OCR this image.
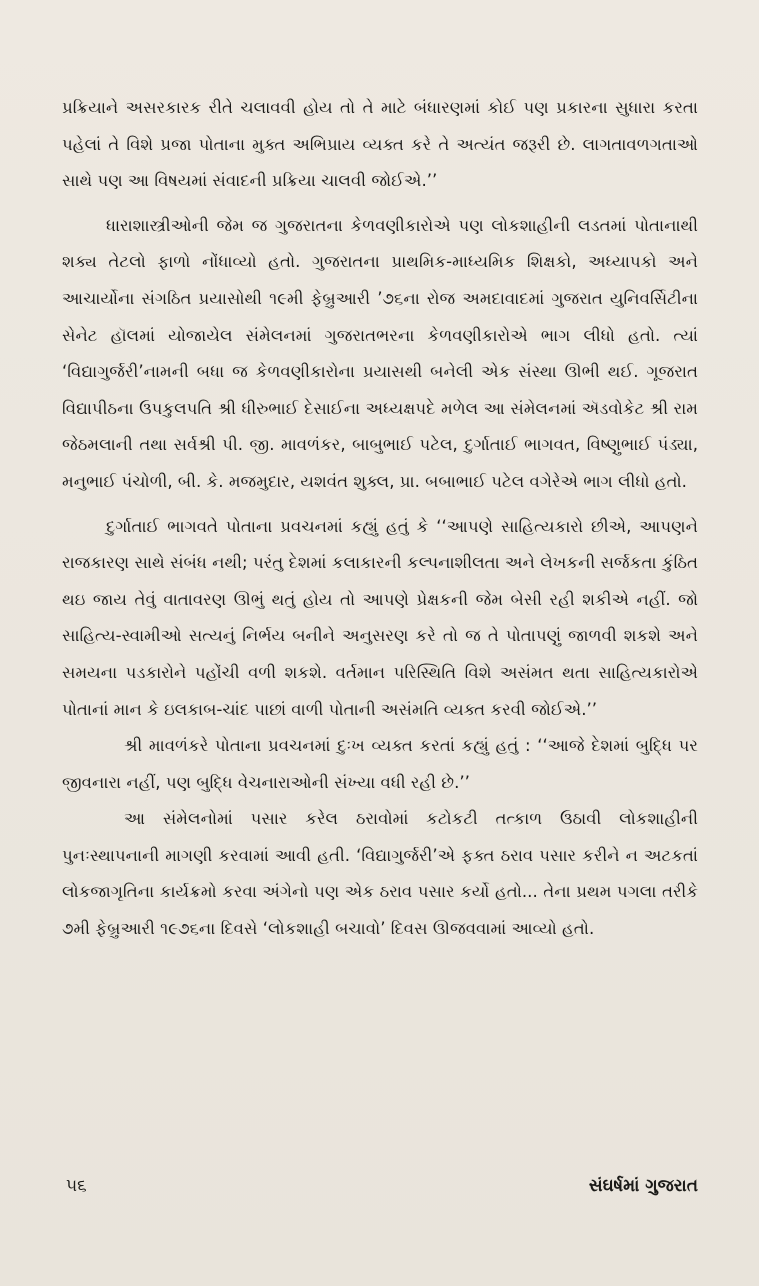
પ્રક્રિયાને અસરકારક રીતે ચલાવવી હોય તો તે માટે બંધારણમાં કોઈ પણ પ્રકારના સુધારા કરતા પહેલાં તે વિશે પ્રજા પોતાના મુક્ત અભિપ્રાય વ્યક્ત કરે તે અત્યંત જરૂરી છે. લાગતાવળગતાઓ સાથે પણ આ વિષયમાં સંવાદની પ્રક્રિયા ચાલવી જોઈએ.’’

ધારાશાસ્ત્રીઓની જેમ જ ગુજરાતના કેળવણીકારોએ પણ લોકશાહીની લડતમાં પોતાનાથી શક્ય તેટલો ફાળો નોંધાવ્યો હતો. ગુજરાતના પ્રાથમિક-માધ્યમિક શિક્ષકો, અધ્યાપકો અને આચાર્યોના સંગઠિત પ્રયાસોથી ૧૯મી ફેબ્રુઆરી ’૭૬ના રોજ અમદાવાદમાં ગુજરાત યુનિવર્સિટીના સેનેટ હૉલમાં યોજાયેલ સંમેલનમાં ગુજરાતભરના કેળવણીકારોએ ભાગ લીધો હતો. ત્યાં ‘વિદ્યાગુર્જરી’નામની બધા જ કેળવણીકારોના પ્રયાસથી બનેલી એક સંસ્થા ઊભી થઈ. ગૂજરાત વિદ્યાપીઠના ઉપકુલપતિ શ્રી ધીરુભાઈ દેસાઈના અધ્યક્ષપદે મળેલ આ સંમેલનમાં ઍડવોકેટ શ્રી રામ જેઠમલાની તથા સર્વશ્રી પી. જી. માવળંકર, બાબુભાઈ પટેલ, દુર્ગાતાઈ ભાગવત, વિષ્ણુભાઈ પંડ્યા, મનુભાઈ પંચોળી, બી. કે. મજમુદાર, યશવંત શુક્લ, પ્રા. બબાભાઈ પટેલ વગેરેએ ભાગ લીધો હતો.

દુર્ગાતાઈ ભાગવતે પોતાના પ્રવચનમાં કહ્યું હતું કે ‘‘આપણે સાહિત્યકારો છીએ, આપણને રાજકારણ સાથે સંબંધ નથી; પરંતુ દેશમાં કલાકારની કલ્પનાશીલતા અને લેખકની સર્જકતા કુંઠિત થઇ જાય તેવું વાતાવરણ ઊભું થતું હોય તો આપણે પ્રેક્ષકની જેમ બેસી રહી શકીએ નહીં. જો સાહિત્ય-સ્વામીઓ સત્યનું નિર્ભય બનીને અનુસરણ કરે તો જ તે પોતાપણું જાળવી શકશે અને સમયના પડકારોને પહોંચી વળી શકશે. વર્તમાન પરિસ્થિતિ વિશે અસંમત થતા સાહિત્યકારોએ પોતાનાં માન કે ઇલકાબ-ચાંદ પાછાં વાળી પોતાની અસંમતિ વ્યક્ત કરવી જોઈએ.’’

શ્રી માવળંકરે પોતાના પ્રવચનમાં દુઃખ વ્યક્ત કરતાં કહ્યું હતું : ‘‘આજે દેશમાં બુદ્ધિ પર જીવનારા નહીં, પણ બુદ્ધિ વેચનારાઓની સંખ્યા વધી રહી છે.’’

આ સંમેલનોમાં પસાર કરેલ ઠરાવોમાં કટોકટી તત્કાળ ઉઠાવી લોકશાહીની પુનઃસ્થાપનાની માગણી કરવામાં આવી હતી. ‘વિદ્યાગુર્જરી’એ ફક્ત ઠરાવ પસાર કરીને ન અટકતાં લોકજાગૃતિના કાર્યક્રમો કરવા અંગેનો પણ એક ઠરાવ પસાર કર્યો હતો... તેના પ્રથમ પગલા તરીકે ૭મી ફેબ્રુઆરી ૧૯૭૬ના દિવસે ‘લોકશાહી બચાવો’ દિવસ ઊજવવામાં આવ્યો હતો.

૫૬	સંઘર્ષમાં ગુજરાત
